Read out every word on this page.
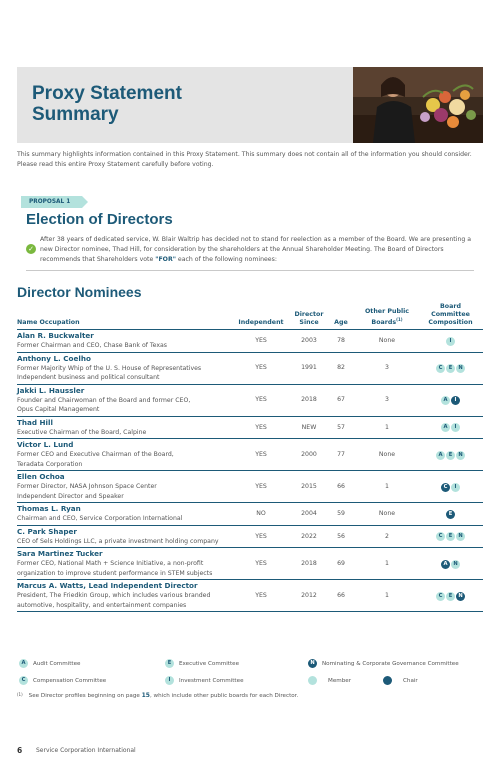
Proxy Statement
Summary

This summary highlights information contained in this Proxy Statement. This summary does not contain all of the information you should consider. Please read this entire Proxy Statement carefully before voting.

PROPOSAL 1
Election of Directors
✓

After 38 years of dedicated service, W. Blair Waltrip has decided not to stand for reelection as a member of the Board. We are presenting a new Director nominee, Thad Hill, for consideration by the shareholders at the Annual Shareholder Meeting. The Board of Directors recommends that Shareholders vote "FOR" each of the following nominees:

Director Nominees
Name Occupation	Independent	Director
Since	Age	Other Public
Boards$^{(1)}$	Board
Committee
Composition

Alan R. Buckwalter
Former Chairman and CEO, Chase Bank of Texas	YES	2003	78	None	I

Anthony L. Coelho
Former Majority Whip of the U. S. House of Representatives
Independent business and political consultant	YES	1991	82	3	C E N

Jakki L. Haussler
Founder and Chairwoman of the Board and former CEO,
Opus Capital Management	YES	2018	67	3	A I

Thad Hill
Executive Chairman of the Board, Calpine	YES	NEW	57	1	A I

Victor L. Lund
Former CEO and Executive Chairman of the Board,
Teradata Corporation	YES	2000	77	None	A E N

Ellen Ochoa
Former Director, NASA Johnson Space Center
Independent Director and Speaker	YES	2015	66	1	C I

Thomas L. Ryan
Chairman and CEO, Service Corporation International	NO	2004	59	None	E

C. Park Shaper
CEO of Sels Holdings LLC, a private investment holding company	YES	2022	56	2	C E N

Sara Martinez Tucker
Former CEO, National Math + Science Initiative, a non-profit
organization to improve student performance in STEM subjects	YES	2018	69	1	A N

Marcus A. Watts, Lead Independent Director
President, The Friedkin Group, which includes various branded
automotive, hospitality, and entertainment companies	YES	2012	66	1	C E N
A	Audit Committee	E	Executive Committee	N	Nominating & Corporate Governance Committee
C	Compensation Committee	I	Investment Committee	Member	Chair

$^{(1)}$ See Director profiles beginning on page 15, which include other public boards for each Director.

6 Service Corporation International
